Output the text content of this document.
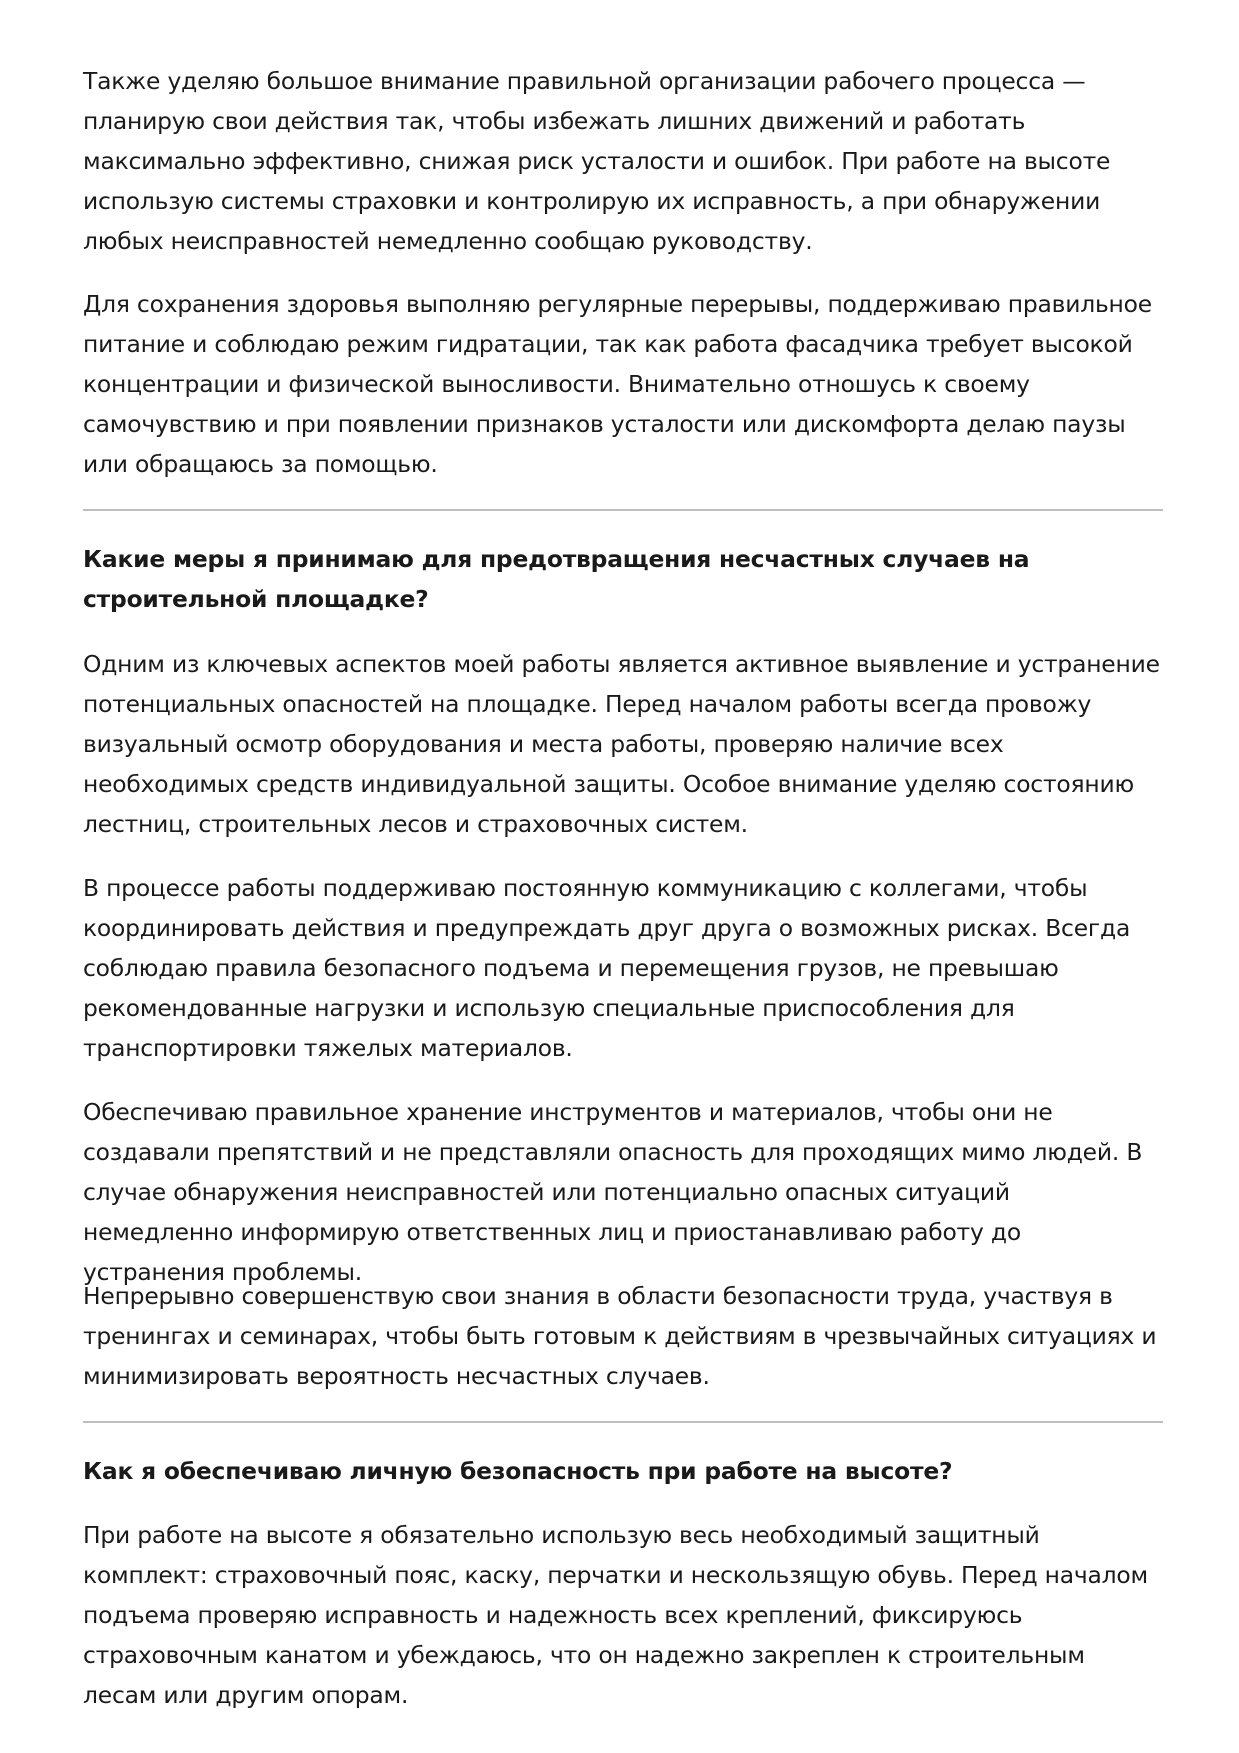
Также уделяю большое внимание правильной организации рабочего процесса — планирую свои действия так, чтобы избежать лишних движений и работать максимально эффективно, снижая риск усталости и ошибок. При работе на высоте использую системы страховки и контролирую их исправность, а при обнаружении любых неисправностей немедленно сообщаю руководству.

Для сохранения здоровья выполняю регулярные перерывы, поддерживаю правильное питание и соблюдаю режим гидратации, так как работа фасадчика требует высокой концентрации и физической выносливости. Внимательно отношусь к своему самочувствию и при появлении признаков усталости или дискомфорта делаю паузы или обращаюсь за помощью.

Какие меры я принимаю для предотвращения несчастных случаев на строительной площадке?

Одним из ключевых аспектов моей работы является активное выявление и устранение потенциальных опасностей на площадке. Перед началом работы всегда провожу визуальный осмотр оборудования и места работы, проверяю наличие всех необходимых средств индивидуальной защиты. Особое внимание уделяю состоянию лестниц, строительных лесов и страховочных систем.

В процессе работы поддерживаю постоянную коммуникацию с коллегами, чтобы координировать действия и предупреждать друг друга о возможных рисках. Всегда соблюдаю правила безопасного подъема и перемещения грузов, не превышаю рекомендованные нагрузки и использую специальные приспособления для транспортировки тяжелых материалов.

Обеспечиваю правильное хранение инструментов и материалов, чтобы они не создавали препятствий и не представляли опасность для проходящих мимо людей. В случае обнаружения неисправностей или потенциально опасных ситуаций немедленно информирую ответственных лиц и приостанавливаю работу до устранения проблемы.

Непрерывно совершенствую свои знания в области безопасности труда, участвуя в тренингах и семинарах, чтобы быть готовым к действиям в чрезвычайных ситуациях и минимизировать вероятность несчастных случаев.

Как я обеспечиваю личную безопасность при работе на высоте?

При работе на высоте я обязательно использую весь необходимый защитный комплект: страховочный пояс, каску, перчатки и нескользящую обувь. Перед началом подъема проверяю исправность и надежность всех креплений, фиксируюсь страховочным канатом и убеждаюсь, что он надежно закреплен к строительным лесам или другим опорам.
